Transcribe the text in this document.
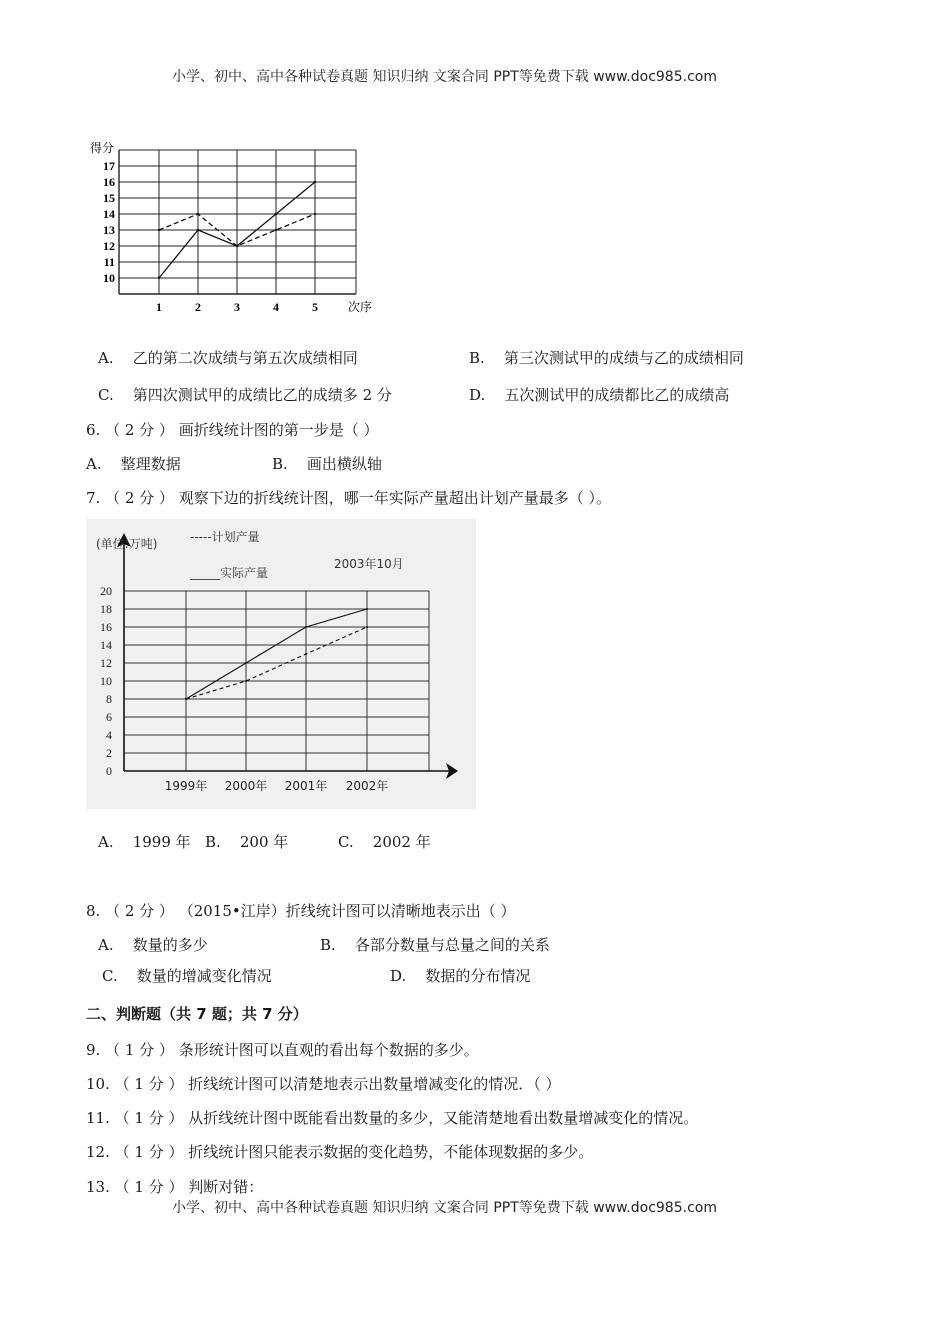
小学、初中、高中各种试卷真题 知识归纳 文案合同 PPT等免费下载 www.doc985.com
得分
10
11
12
13
14
15
16
17
1	2	3	4	5	次序
A. 乙的第二次成绩与第五次成绩相同	B. 第三次测试甲的成绩与乙的成绩相同
C. 第四次测试甲的成绩比乙的成绩多 2 分	D. 五次测试甲的成绩都比乙的成绩高
6. （ 2 分 ） 画折线统计图的第一步是（ ）
A. 整理数据	B. 画出横纵轴
7. （ 2 分 ） 观察下边的折线统计图，哪一年实际产量超出计划产量最多（ ）。
(单位:万吨)	-----计划产量
_____实际产量
2003年10月
0
2
4
6
8
10
12
14
16
18
20
1999年 2000年 2001年 2002年
A. 1999 年 B. 200 年	C. 2002 年
8. （ 2 分 ） （2015•江岸）折线统计图可以清晰地表示出（ ）
A. 数量的多少	B. 各部分数量与总量之间的关系
C. 数量的增减变化情况	D. 数据的分布情况
二、判断题（共 7 题；共 7 分）
9. （ 1 分 ） 条形统计图可以直观的看出每个数据的多少。
10. （ 1 分 ） 折线统计图可以清楚地表示出数量增减变化的情况．（ ）
11. （ 1 分 ） 从折线统计图中既能看出数量的多少，又能清楚地看出数量增减变化的情况。
12. （ 1 分 ） 折线统计图只能表示数据的变化趋势，不能体现数据的多少。
13. （ 1 分 ） 判断对错：
小学、初中、高中各种试卷真题 知识归纳 文案合同 PPT等免费下载 www.doc985.com
